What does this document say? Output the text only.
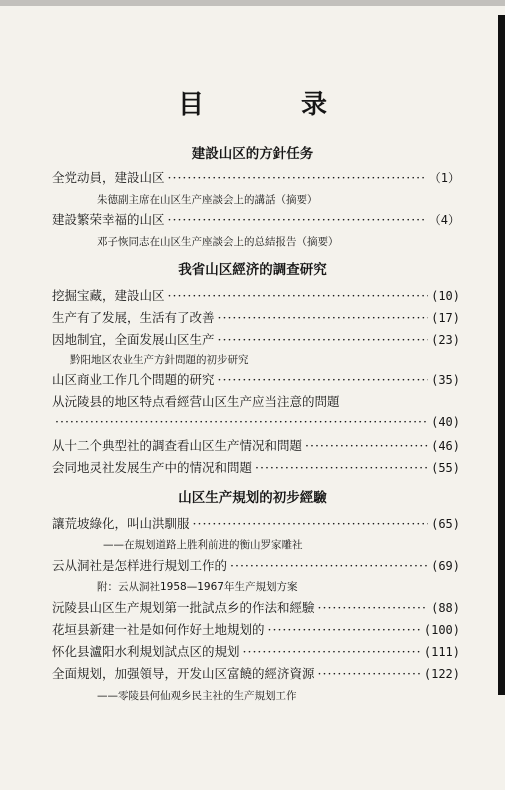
目 录
建設山区的方針任务
全党动員，建設山区 ·····	（1）
朱德副主席在山区生产座談会上的講話（摘要）
建設繁荣幸福的山区 ·····	（4）
邓子恢同志在山区生产座談会上的总結报告（摘要）
我省山区經济的調查研究
挖掘宝藏，建設山区 ·····	(10)
生产有了发展，生活有了改善 ·····	(17)
因地制宜，全面发展山区生产 ·····	(23)
黔阳地区农业生产方針問題的初步研究
山区商业工作几个問題的研究 ·····	(35)
从沅陵县的地区特点看經营山区生产应当注意的問題
·····
(40)
从十二个典型社的調查看山区生产情况和問題 ·····	(46)
会同地灵社发展生产中的情况和問題 ·····	(55)
山区生产規划的初步經驗
讓荒坡綠化，叫山洪馴服 ·····	(65)
——在規划道路上胜利前进的衡山罗家雕社
云从洞社是怎样进行規划工作的 ·····	(69)
附：云从洞社1958—1967年生产規划方案
沅陵县山区生产規划第一批試点乡的作法和經驗 ·····	(88)
花垣县新建一社是如何作好土地規划的 ·····	(100)
怀化县瀘阳水利規划試点区的規划 ·····	(111)
全面規划，加强領导，开发山区富饒的經济資源 ·····	(122)
——零陵县何仙观乡民主社的生产規划工作
